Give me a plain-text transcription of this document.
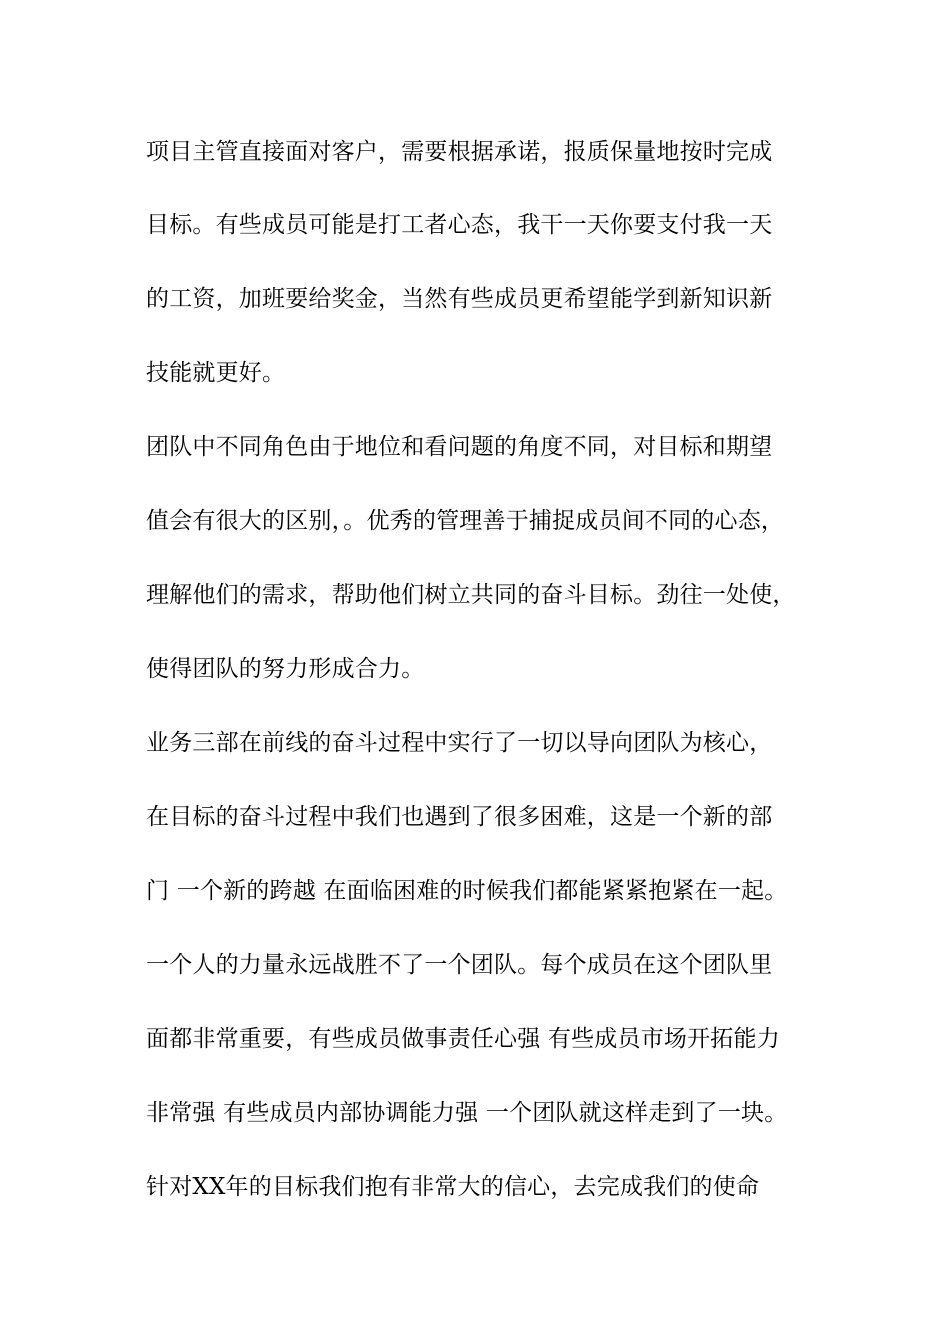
项目主管直接面对客户，需要根据承诺，报质保量地按时完成
目标。有些成员可能是打工者心态，我干一天你要支付我一天
的工资，加班要给奖金，当然有些成员更希望能学到新知识新
技能就更好。
团队中不同角色由于地位和看问题的角度不同，对目标和期望
值会有很大的区别，。优秀的管理善于捕捉成员间不同的心态，
理解他们的需求，帮助他们树立共同的奋斗目标。劲往一处使，
使得团队的努力形成合力。
业务三部在前线的奋斗过程中实行了一切以导向团队为核心，
在目标的奋斗过程中我们也遇到了很多困难，这是一个新的部
门 一个新的跨越 在面临困难的时候我们都能紧紧抱紧在一起。
一个人的力量永远战胜不了一个团队。每个成员在这个团队里
面都非常重要，有些成员做事责任心强 有些成员市场开拓能力
非常强 有些成员内部协调能力强 一个团队就这样走到了一块。
针对XX年的目标我们抱有非常大的信心，去完成我们的使命
